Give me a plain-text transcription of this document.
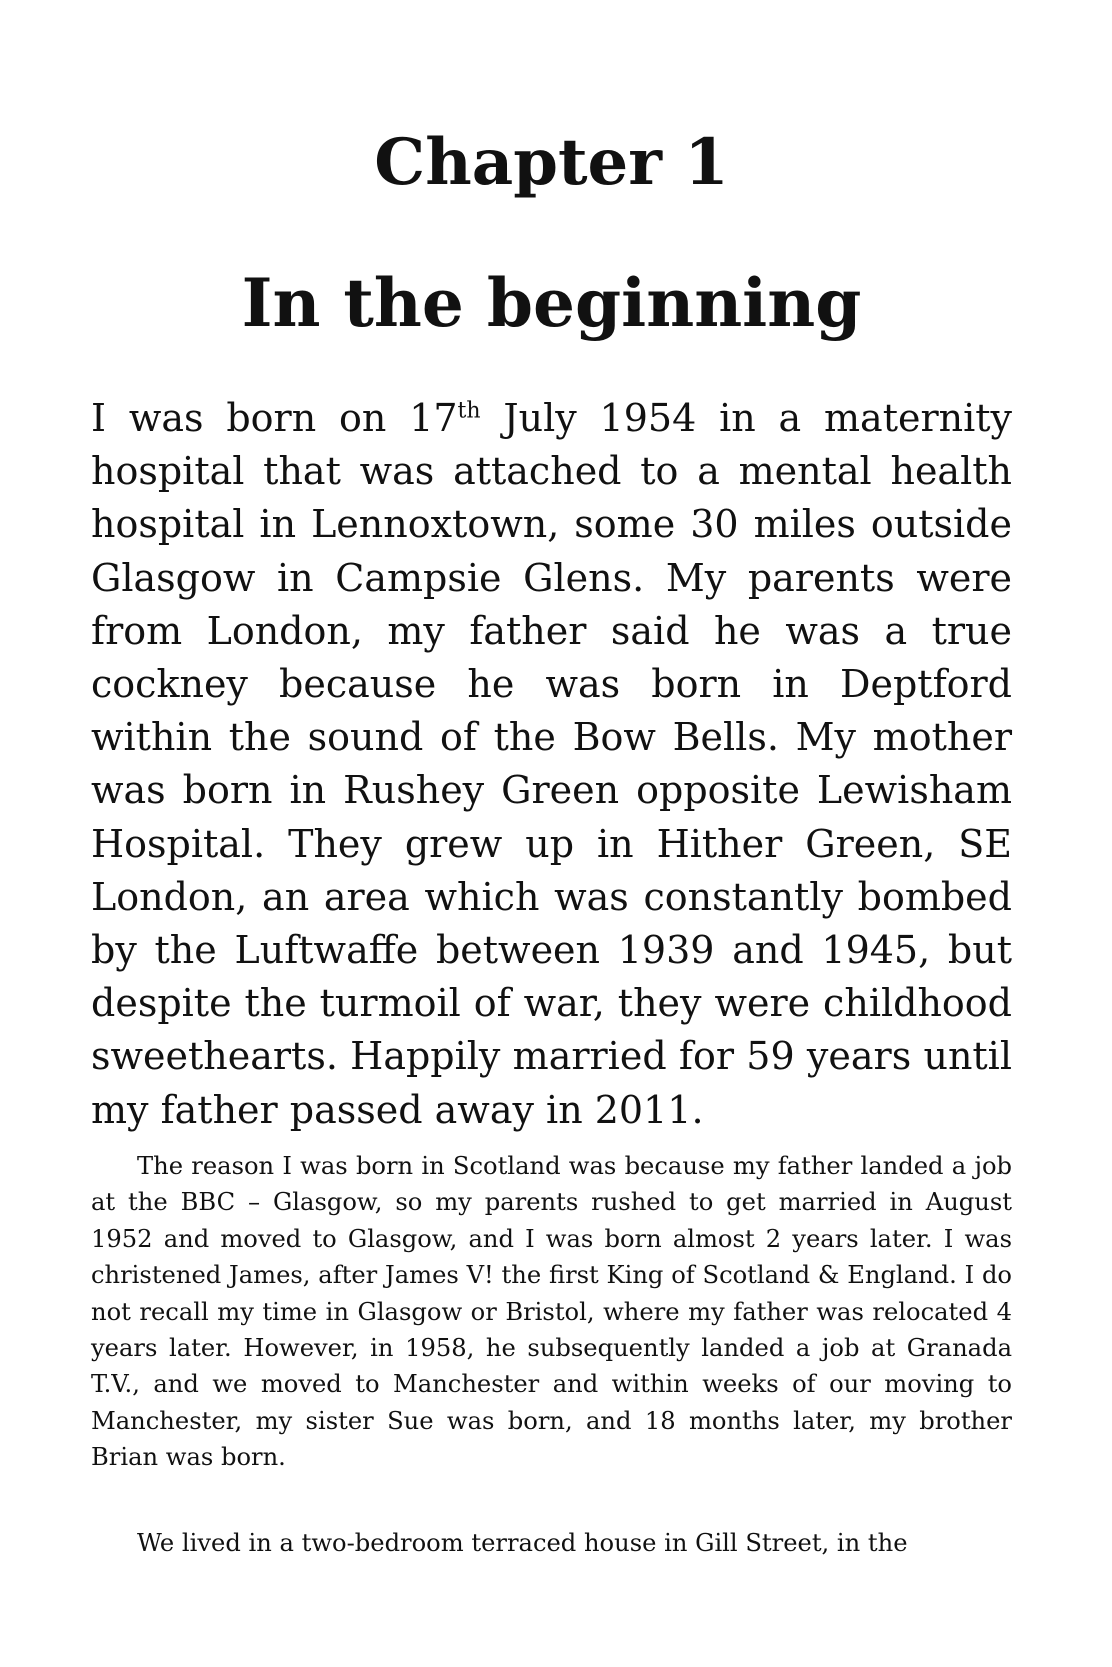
Chapter 1
In the beginning

I was born on 17th July 1954 in a maternity hospital that was attached to a mental health hospital in Lennoxtown, some 30 miles outside Glasgow in Campsie Glens. My parents were from London, my father said he was a true cockney because he was born in Deptford within the sound of the Bow Bells. My mother was born in Rushey Green opposite Lewisham Hospital. They grew up in Hither Green, SE London, an area which was constantly bombed by the Luftwaffe between 1939 and 1945, but despite the turmoil of war, they were childhood sweethearts. Happily married for 59 years until my father passed away in 2011.

The reason I was born in Scotland was because my father landed a job at the BBC – Glasgow, so my parents rushed to get married in August 1952 and moved to Glasgow, and I was born almost 2 years later. I was christened James, after James V! the first King of Scotland & England. I do not recall my time in Glasgow or Bristol, where my father was relocated 4 years later. However, in 1958, he subsequently landed a job at Granada T.V., and we moved to Manchester and within weeks of our moving to Manchester, my sister Sue was born, and 18 months later, my brother Brian was born.

We lived in a two-bedroom terraced house in Gill Street, in the
